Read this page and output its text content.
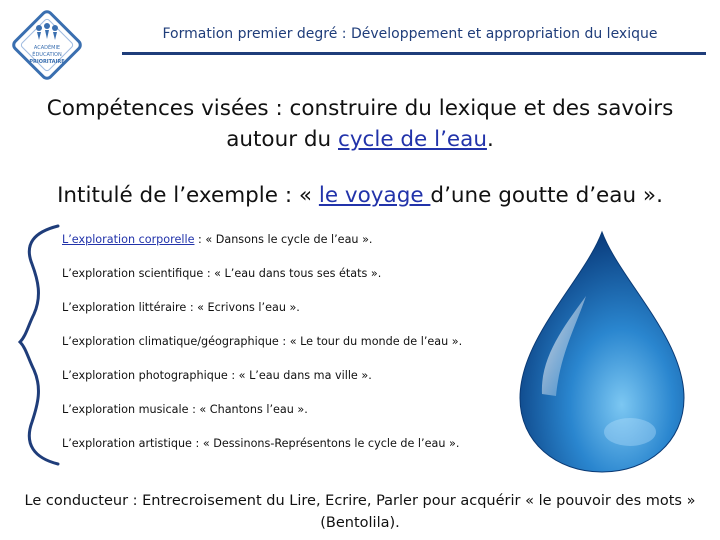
ACADÉMIE
ÉDUCATION
PRIORITAIRE
Formation premier degré : Développement et appropriation du lexique
Compétences visées : construire du lexique et des savoirs
autour du cycle de l’eau.
Intitulé de l’exemple : « le voyage d’une goutte d’eau ».
L’exploration corporelle : « Dansons le cycle de l’eau ».
L’exploration scientifique : « L’eau dans tous ses états ».
L’exploration littéraire : « Ecrivons l’eau ».
L’exploration climatique/géographique : « Le tour du monde de l’eau ».
L’exploration photographique : « L’eau dans ma ville ».
L’exploration musicale : « Chantons l’eau ».
L’exploration artistique : « Dessinons-Représentons le cycle de l’eau ».
Le conducteur : Entrecroisement du Lire, Ecrire, Parler pour acquérir « le pouvoir des mots »
(Bentolila).
